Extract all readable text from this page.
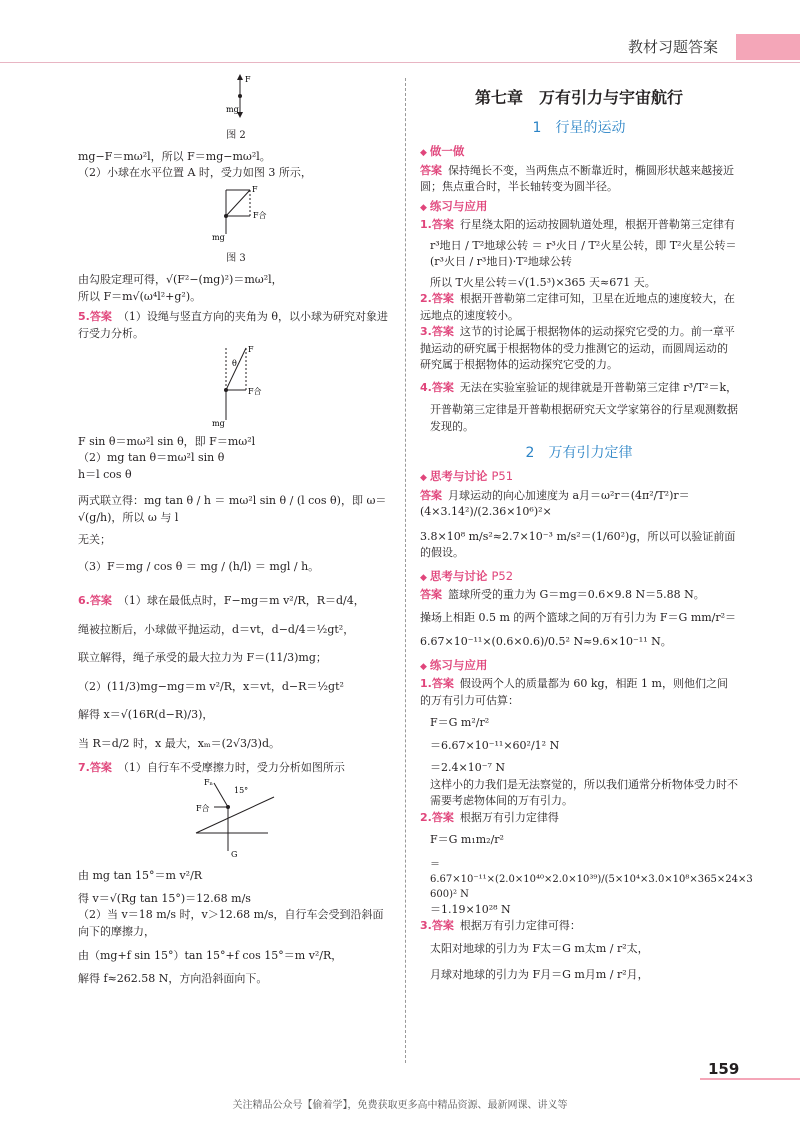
教材习题答案
F
mg

图 2

mg−F＝mω²l，所以 F＝mg−mω²l。

（2）小球在水平位置 A 时，受力如图 3 所示，

F
F合
mg

图 3

由勾股定理可得，√(F²−(mg)²)＝mω²l，

所以 F＝m√(ω⁴l²+g²)。

5.答案 （1）设绳与竖直方向的夹角为 θ，以小球为研究对象进行受力分析。

F
θ
F合
mg

F sin θ＝mω²l sin θ，即 F＝mω²l

（2）mg tan θ＝mω²l sin θ

h＝l cos θ

两式联立得：mg tan θ / h ＝ mω²l sin θ / (l cos θ)，即 ω＝√(g/h)，所以 ω 与 l

无关；

（3）F＝mg / cos θ ＝ mg / (h/l) ＝ mgl / h。

6.答案 （1）球在最低点时，F−mg＝m v²/R，R＝d/4，

绳被拉断后，小球做平抛运动，d＝vt，d−d/4＝½gt²，

联立解得，绳子承受的最大拉力为 F＝(11/3)mg；

（2）(11/3)mg−mg＝m v²/R，x＝vt，d−R＝½gt²

解得 x＝√(16R(d−R)/3)，

当 R＝d/2 时，x 最大，xₘ＝(2√3/3)d。

7.答案 （1）自行车不受摩擦力时，受力分析如图所示

Fₙ
15°
F合
G

由 mg tan 15°＝m v²/R

得 v＝√(Rg tan 15°)＝12.68 m/s

（2）当 v＝18 m/s 时，v＞12.68 m/s，自行车会受到沿斜面向下的摩擦力，

由（mg+f sin 15°）tan 15°+f cos 15°＝m v²/R，

解得 f≈262.58 N，方向沿斜面向下。

第七章　万有引力与宇宙航行
1　行星的运动
◆ 做一做

答案 保持绳长不变，当两焦点不断靠近时，椭圆形状越来越接近圆；焦点重合时，半长轴转变为圆半径。

◆ 练习与应用

1.答案 行星绕太阳的运动按圆轨道处理，根据开普勒第三定律有

r³地日 / T²地球公转 ＝ r³火日 / T²火星公转，即 T²火星公转＝(r³火日 / r³地日)·T²地球公转

所以 T火星公转＝√(1.5³)×365 天≈671 天。

2.答案 根据开普勒第二定律可知，卫星在近地点的速度较大，在远地点的速度较小。

3.答案 这节的讨论属于根据物体的运动探究它受的力。前一章平抛运动的研究属于根据物体的受力推测它的运动，而圆周运动的研究属于根据物体的运动探究它受的力。

4.答案 无法在实验室验证的规律就是开普勒第三定律 r³/T²＝k，

开普勒第三定律是开普勒根据研究天文学家第谷的行星观测数据发现的。

2　万有引力定律
◆ 思考与讨论 P51

答案 月球运动的向心加速度为 a月＝ω²r＝(4π²/T²)r＝(4×3.14²)/(2.36×10⁶)²×

3.8×10⁸ m/s²≈2.7×10⁻³ m/s²＝(1/60²)g，所以可以验证前面的假设。

◆ 思考与讨论 P52

答案 篮球所受的重力为 G＝mg＝0.6×9.8 N＝5.88 N。

操场上相距 0.5 m 的两个篮球之间的万有引力为 F＝G mm/r²＝

6.67×10⁻¹¹×(0.6×0.6)/0.5² N≈9.6×10⁻¹¹ N。

◆ 练习与应用

1.答案 假设两个人的质量都为 60 kg，相距 1 m，则他们之间的万有引力可估算：

F＝G m²/r²

＝6.67×10⁻¹¹×60²/1² N

＝2.4×10⁻⁷ N

这样小的力我们是无法察觉的，所以我们通常分析物体受力时不需要考虑物体间的万有引力。

2.答案 根据万有引力定律得

F＝G m₁m₂/r²

＝6.67×10⁻¹¹×(2.0×10⁴⁰×2.0×10³⁹)/(5×10⁴×3.0×10⁸×365×24×3 600)² N

＝1.19×10²⁸ N

3.答案 根据万有引力定律可得：

太阳对地球的引力为 F太＝G m太m / r²太，

月球对地球的引力为 F月＝G m月m / r²月，

159
关注精品公众号【偷着学】，免费获取更多高中精品资源、最新网课、讲义等
